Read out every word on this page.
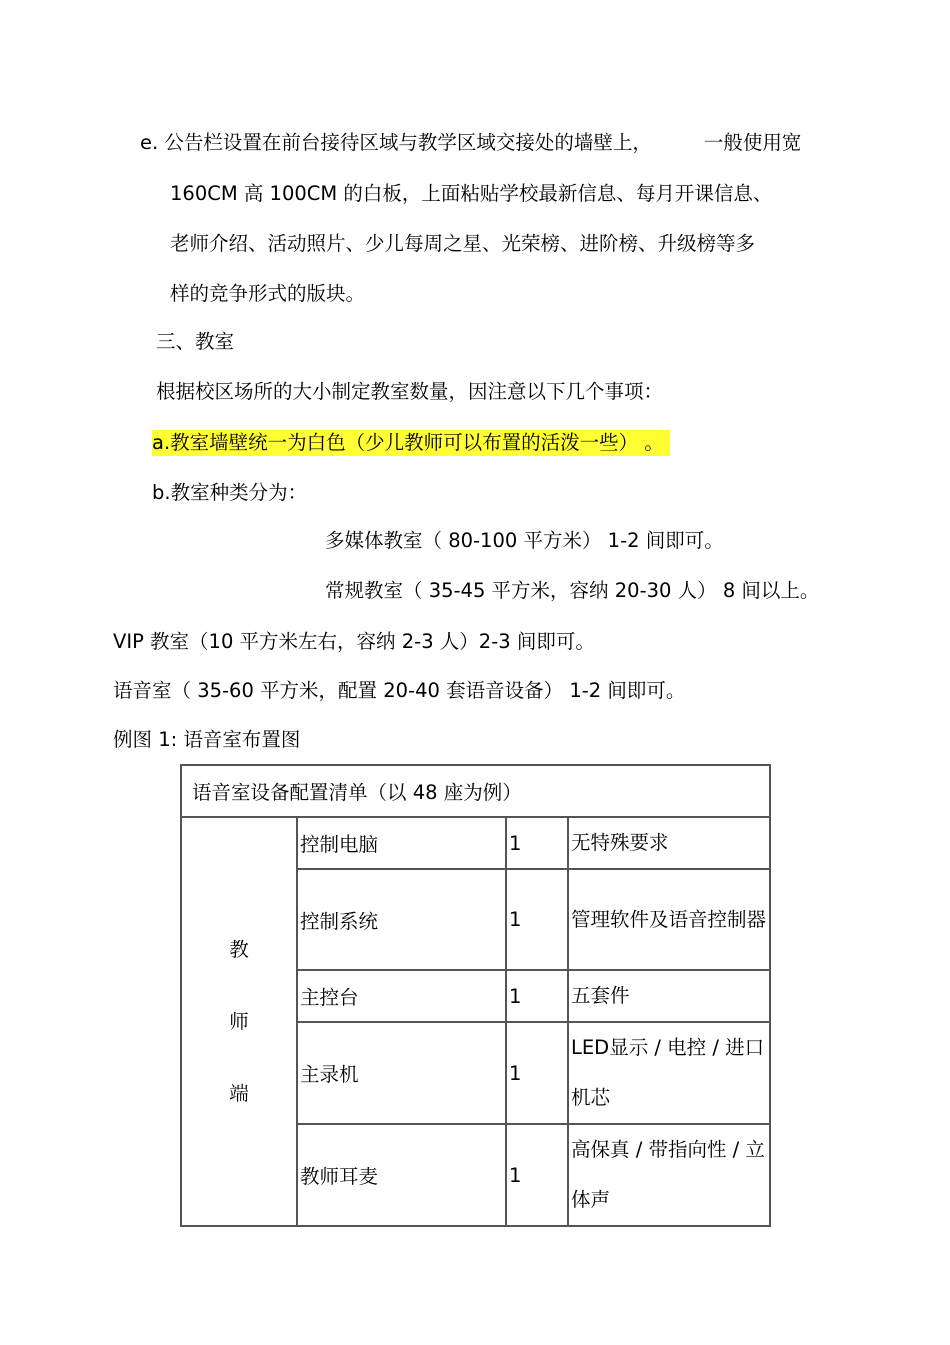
e. 公告栏设置在前台接待区域与教学区域交接处的墙壁上，	一般使用宽
160CM 高 100CM 的白板，上面粘贴学校最新信息、每月开课信息、
老师介绍、活动照片、少儿每周之星、光荣榜、进阶榜、升级榜等多
样的竞争形式的版块。
三、教室
根据校区场所的大小制定教室数量，因注意以下几个事项：
a.教室墙壁统一为白色（少儿教师可以布置的活泼一些） 。
b.教室种类分为：
多媒体教室（ 80-100 平方米） 1-2 间即可。
常规教室（ 35-45 平方米，容纳 20-30 人） 8 间以上。
VIP 教室（10 平方米左右，容纳 2-3 人）2-3 间即可。
语音室（ 35-60 平方米，配置 20-40 套语音设备） 1-2 间即可。
例图 1: 语音室布置图
语音室设备配置清单（以 48 座为例）			

教
师
端	控制电脑	1	无特殊要求
	控制系统	1	管理软件及语音控制器
	主控台	1	五套件
	主录机	1	LED显示 / 电控 / 进口机芯
	教师耳麦	1	高保真 / 带指向性 / 立体声
